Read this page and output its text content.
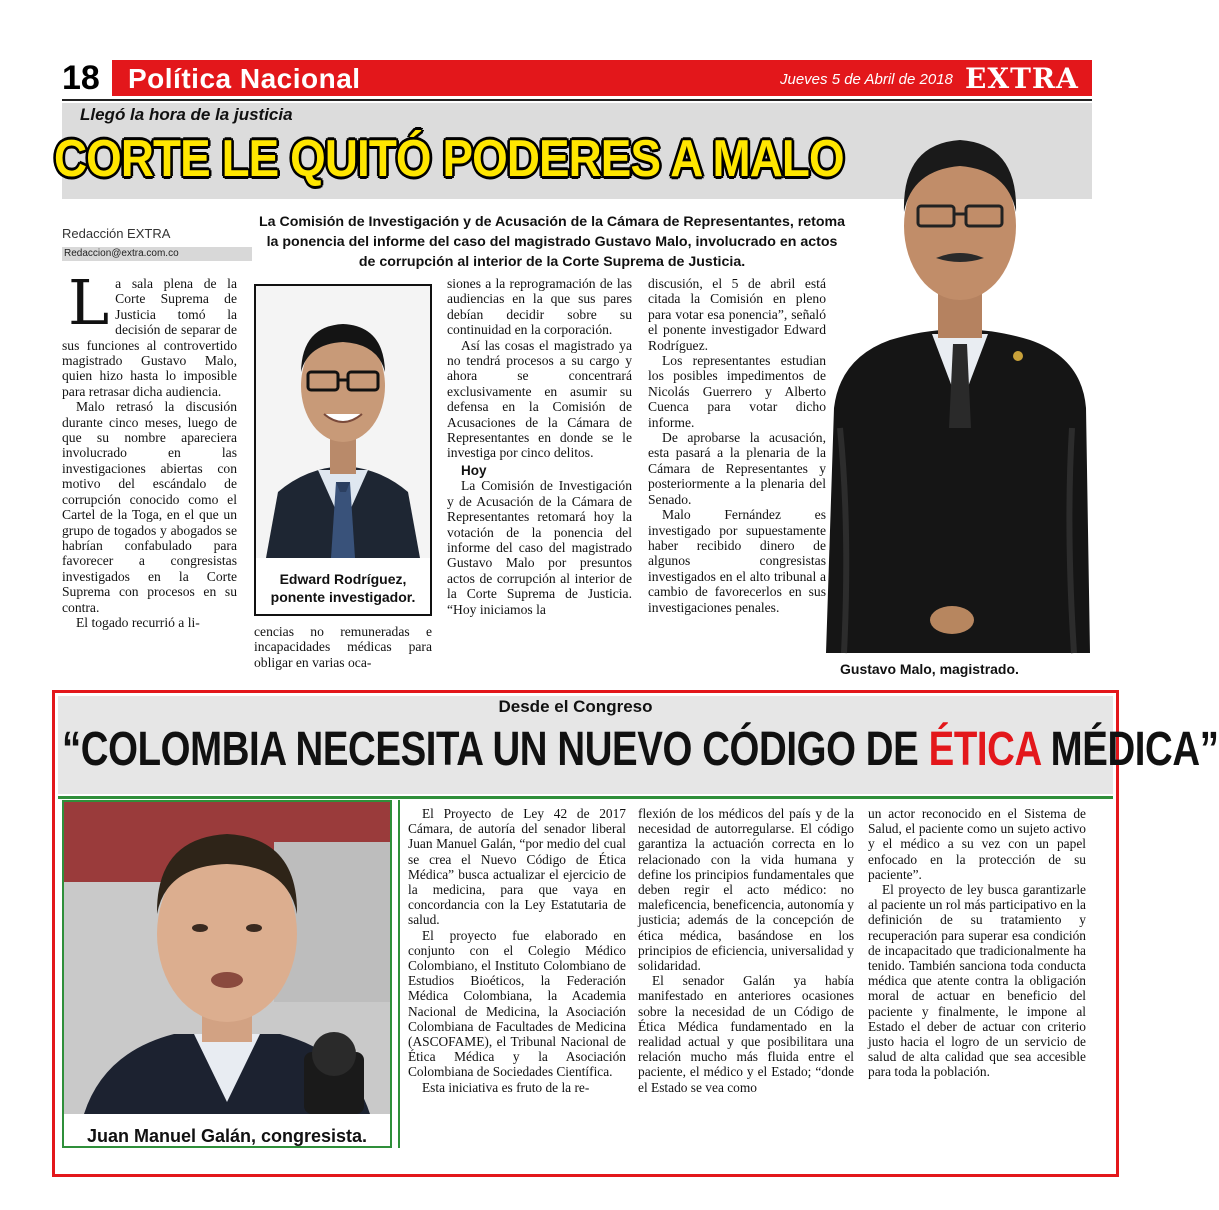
18	Política Nacional	Jueves 5 de Abril de 2018 EXTRA
Llegó la hora de la justicia
CORTE LE QUITÓ PODERES A MALO
Redacción EXTRA
Redaccion@extra.com.co
La Comisión de Investigación y de Acusación de la Cámara de Representantes, retoma la ponencia del informe del caso del magistrado Gustavo Malo, involucrado en actos de corrupción al interior de la Corte Suprema de Justicia.

La sala plena de la Corte Suprema de Justicia tomó la decisión de separar de sus funciones al controvertido magistrado Gustavo Malo, quien hizo hasta lo imposible para retrasar dicha audiencia.

Malo retrasó la discusión durante cinco meses, luego de que su nombre apareciera involucrado en las investigaciones abiertas con motivo del escándalo de corrupción conocido como el Cartel de la Toga, en el que un grupo de togados y abogados se habrían confabulado para favorecer a congresistas investigados en la Corte Suprema con procesos en su contra.

El togado recurrió a li-

Edward Rodríguez, ponente investigador.

cencias no remuneradas e incapacidades médicas para obligar en varias oca-

siones a la reprogramación de las audiencias en la que sus pares debían decidir sobre su continuidad en la corporación.

Así las cosas el magistrado ya no tendrá procesos a su cargo y ahora se concentrará exclusivamente en asumir su defensa en la Comisión de Acusaciones de la Cámara de Representantes en donde se le investiga por cinco delitos.

Hoy

La Comisión de Investigación y de Acusación de la Cámara de Representantes retomará hoy la votación de la ponencia del informe del caso del magistrado Gustavo Malo por presuntos actos de corrupción al interior de la Corte Suprema de Justicia. “Hoy iniciamos la

discusión, el 5 de abril está citada la Comisión en pleno para votar esa ponencia”, señaló el ponente investigador Edward Rodríguez.

Los representantes estudian los posibles impedimentos de Nicolás Guerrero y Alberto Cuenca para votar dicho informe.

De aprobarse la acusación, esta pasará a la plenaria de la Cámara de Representantes y posteriormente a la plenaria del Senado.

Malo Fernández es investigado por supuestamente haber recibido dinero de algunos congresistas investigados en el alto tribunal a cambio de favorecerlos en sus investigaciones penales.

Gustavo Malo, magistrado.
Desde el Congreso
“COLOMBIA NECESITA UN NUEVO CÓDIGO DE ÉTICA MÉDICA”
Juan Manuel Galán, congresista.

El Proyecto de Ley 42 de 2017 Cámara, de autoría del senador liberal Juan Manuel Galán, “por medio del cual se crea el Nuevo Código de Ética Médica” busca actualizar el ejercicio de la medicina, para que vaya en concordancia con la Ley Estatutaria de salud.

El proyecto fue elaborado en conjunto con el Colegio Médico Colombiano, el Instituto Colombiano de Estudios Bioéticos, la Federación Médica Colombiana, la Academia Nacional de Medicina, la Asociación Colombiana de Facultades de Medicina (ASCOFAME), el Tribunal Nacional de Ética Médica y la Asociación Colombiana de Sociedades Científica.

Esta iniciativa es fruto de la re-

flexión de los médicos del país y de la necesidad de autorregularse. El código garantiza la actuación correcta en lo relacionado con la vida humana y define los principios fundamentales que deben regir el acto médico: no maleficencia, beneficencia, autonomía y justicia; además de la concepción de ética médica, basándose en los principios de eficiencia, universalidad y solidaridad.

El senador Galán ya había manifestado en anteriores ocasiones sobre la necesidad de un Código de Ética Médica fundamentado en la realidad actual y que posibilitara una relación mucho más fluida entre el paciente, el médico y el Estado; “donde el Estado se vea como

un actor reconocido en el Sistema de Salud, el paciente como un sujeto activo y el médico a su vez con un papel enfocado en la protección de su paciente”.

El proyecto de ley busca garantizarle al paciente un rol más participativo en la definición de su tratamiento y recuperación para superar esa condición de incapacitado que tradicionalmente ha tenido. También sanciona toda conducta médica que atente contra la obligación moral de actuar en beneficio del paciente y finalmente, le impone al Estado el deber de actuar con criterio justo hacia el logro de un servicio de salud de alta calidad que sea accesible para toda la población.
